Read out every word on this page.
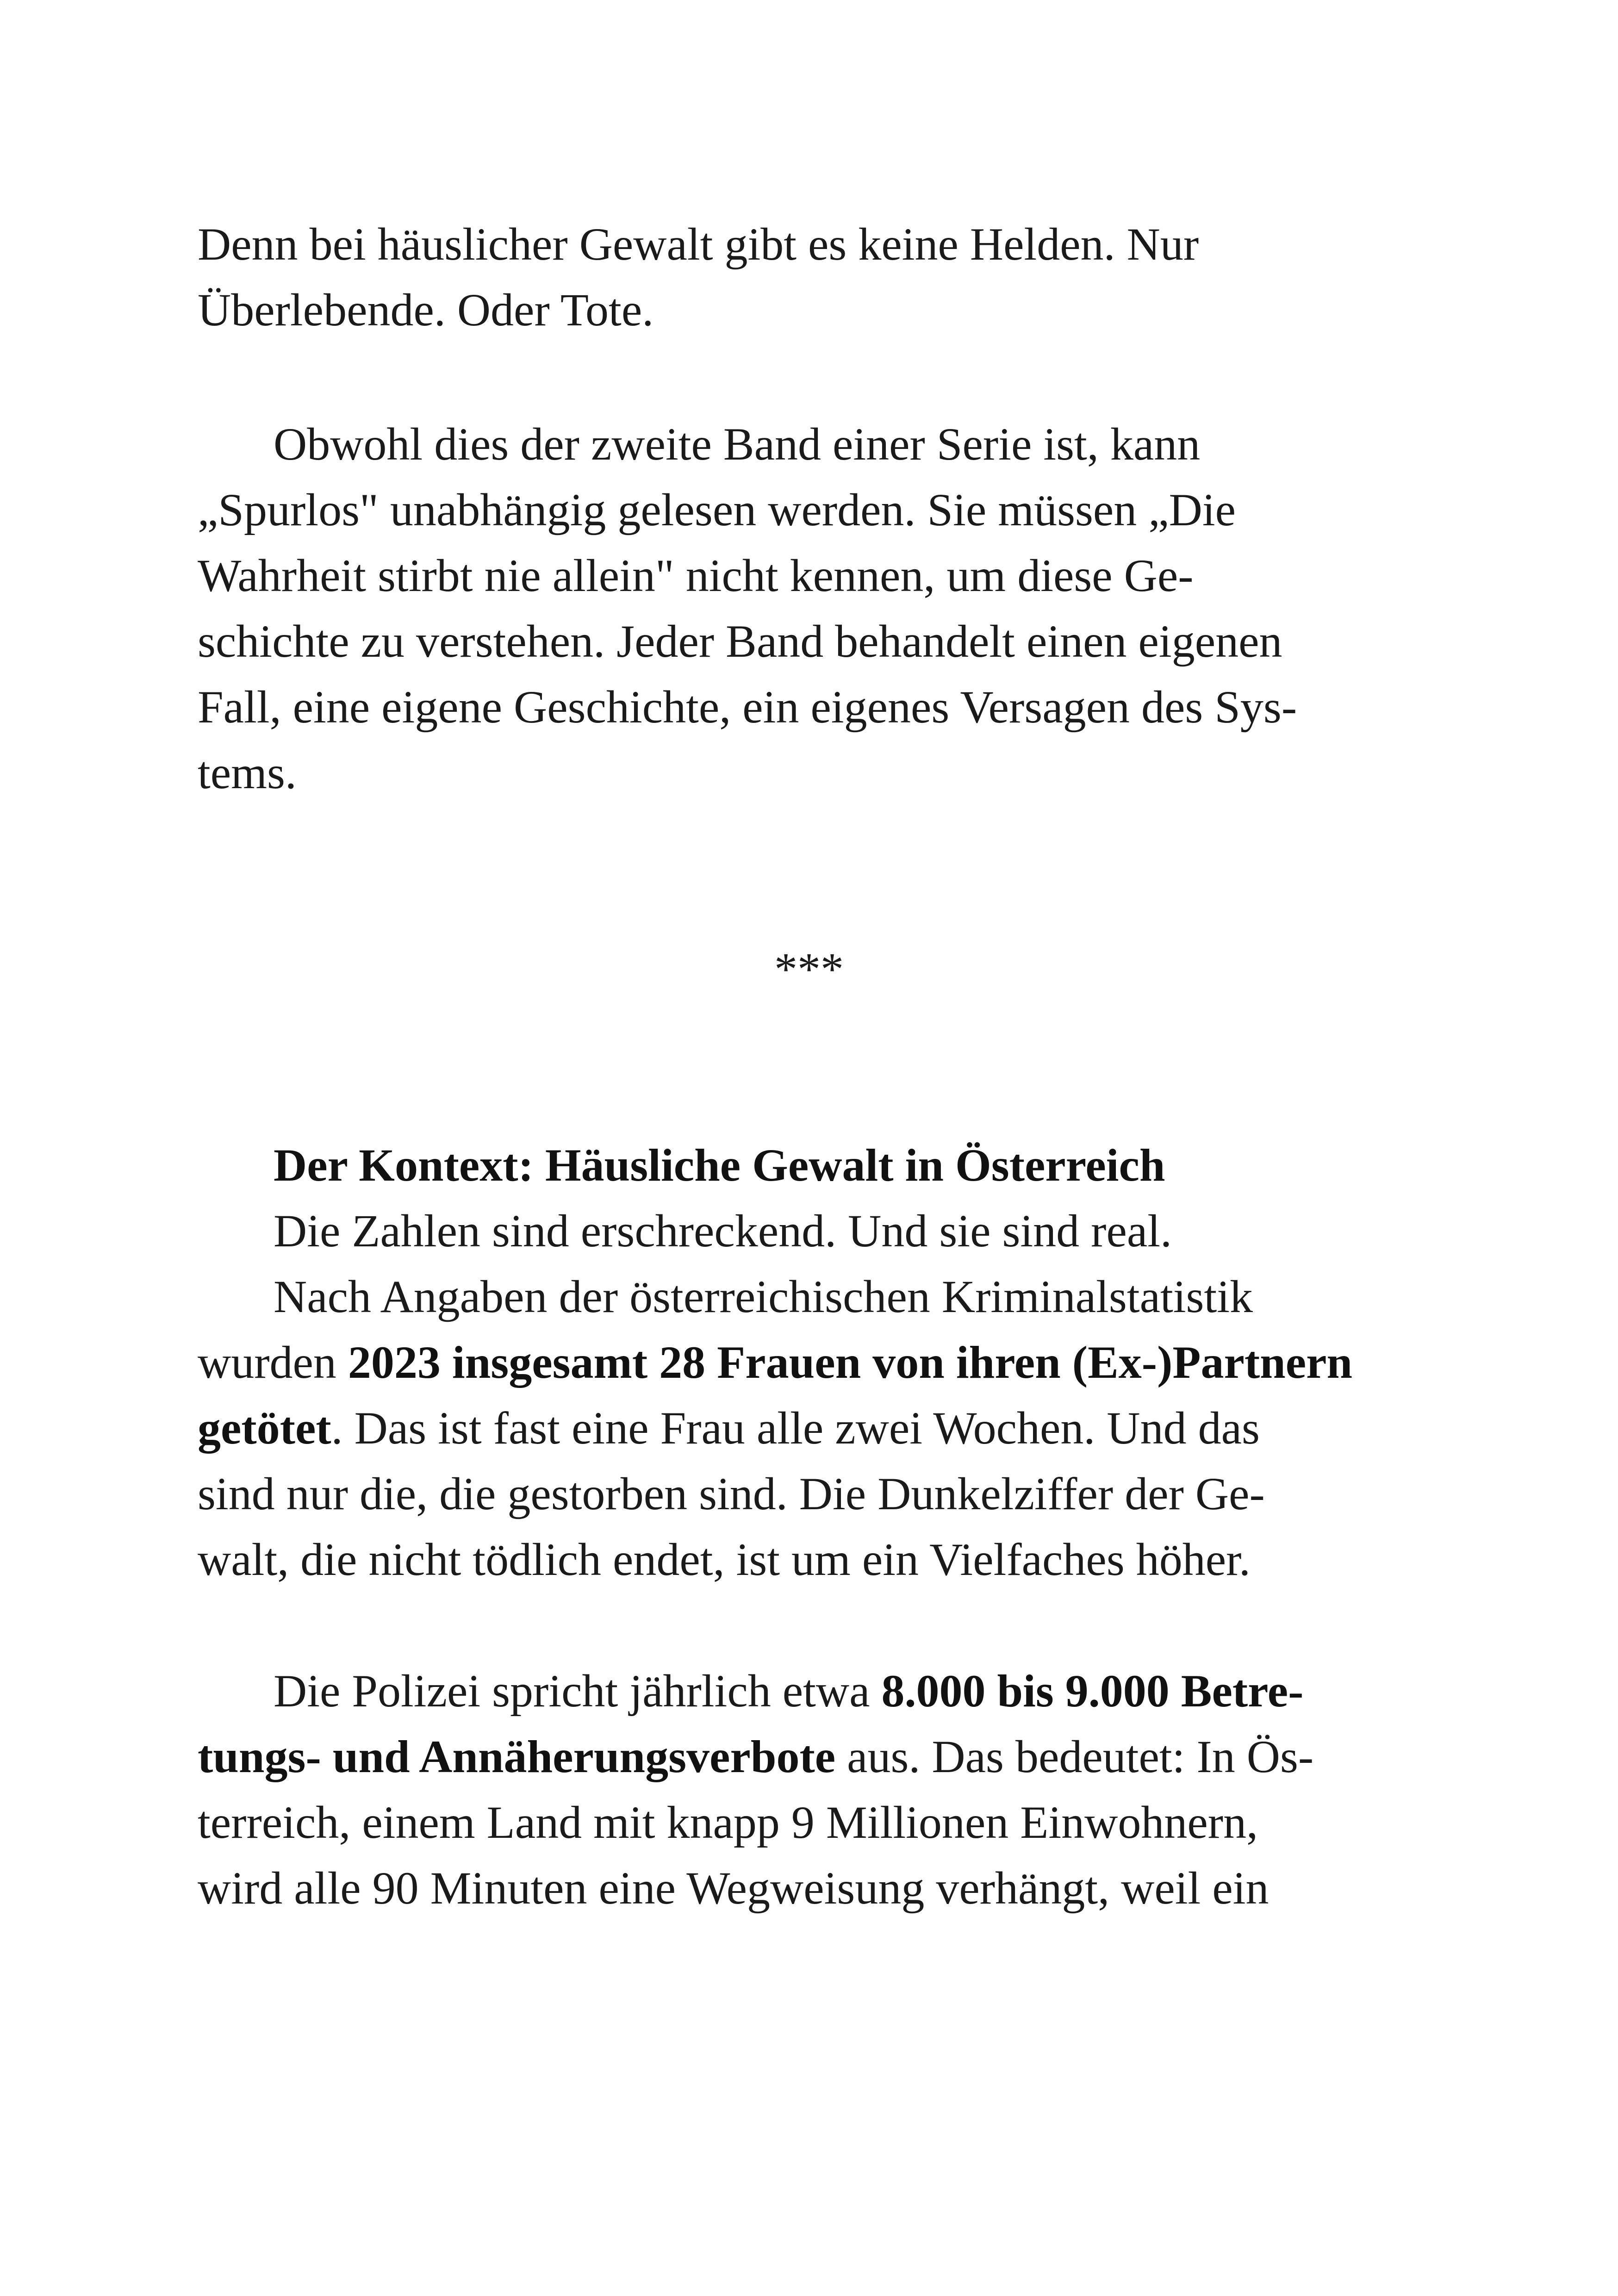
Denn bei häuslicher Gewalt gibt es keine Helden. Nur

Überlebende. Oder Tote.

Obwohl dies der zweite Band einer Serie ist, kann

„Spurlos" unabhängig gelesen werden. Sie müssen „Die

Wahrheit stirbt nie allein" nicht kennen, um diese Ge-

schichte zu verstehen. Jeder Band behandelt einen eigenen

Fall, eine eigene Geschichte, ein eigenes Versagen des Sys-

tems.

***

Der Kontext: Häusliche Gewalt in Österreich

Die Zahlen sind erschreckend. Und sie sind real.

Nach Angaben der österreichischen Kriminalstatistik

wurden 2023 insgesamt 28 Frauen von ihren (Ex-)Partnern

getötet. Das ist fast eine Frau alle zwei Wochen. Und das

sind nur die, die gestorben sind. Die Dunkelziffer der Ge-

walt, die nicht tödlich endet, ist um ein Vielfaches höher.

Die Polizei spricht jährlich etwa 8.000 bis 9.000 Betre-

tungs- und Annäherungsverbote aus. Das bedeutet: In Ös-

terreich, einem Land mit knapp 9 Millionen Einwohnern,

wird alle 90 Minuten eine Wegweisung verhängt, weil ein
